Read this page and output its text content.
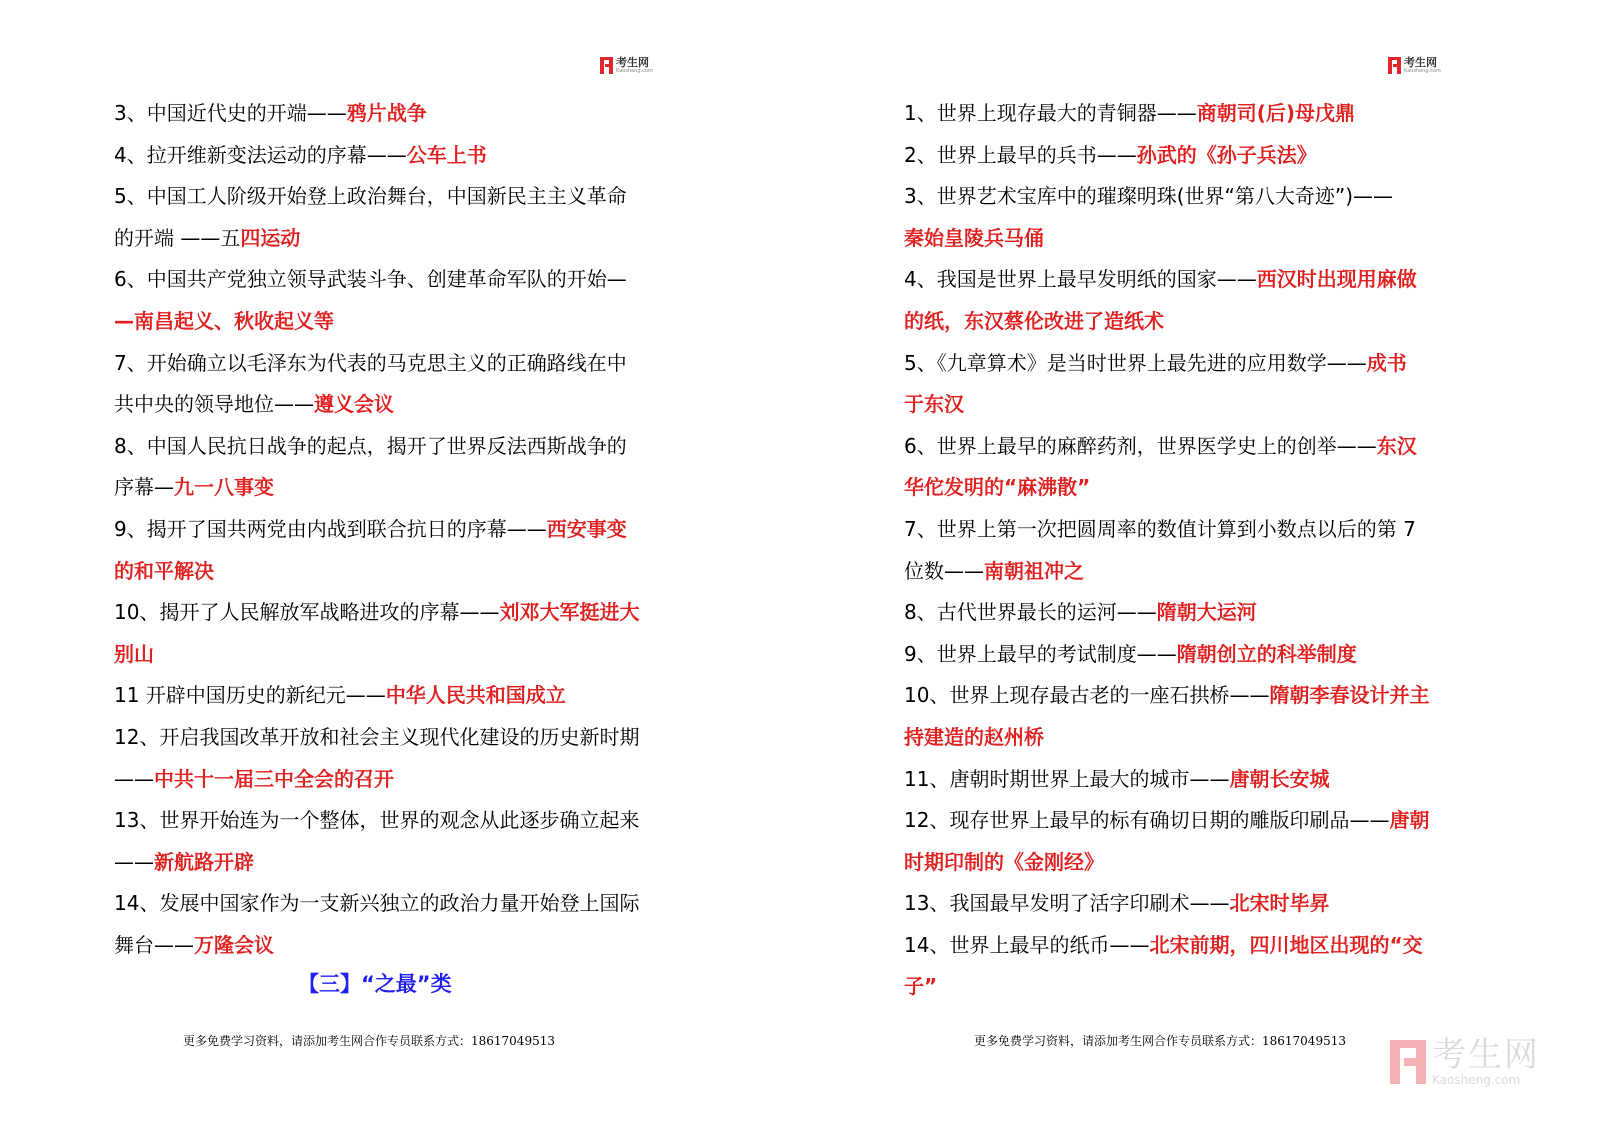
考生网
Kaosheng.com
3、中国近代史的开端——鸦片战争
4、拉开维新变法运动的序幕——公车上书
5、中国工人阶级开始登上政治舞台，中国新民主主义革命
的开端 ——五四运动
6、中国共产党独立领导武装斗争、创建革命军队的开始—
—南昌起义、秋收起义等
7、开始确立以毛泽东为代表的马克思主义的正确路线在中
共中央的领导地位——遵义会议
8、中国人民抗日战争的起点，揭开了世界反法西斯战争的
序幕—九一八事变
9、揭开了国共两党由内战到联合抗日的序幕——西安事变
的和平解决
10、揭开了人民解放军战略进攻的序幕——刘邓大军挺进大
别山
11 开辟中国历史的新纪元——中华人民共和国成立
12、开启我国改革开放和社会主义现代化建设的历史新时期
——中共十一届三中全会的召开
13、世界开始连为一个整体，世界的观念从此逐步确立起来
——新航路开辟
14、发展中国家作为一支新兴独立的政治力量开始登上国际
舞台——万隆会议
【三】“之最”类
更多免费学习资料，请添加考生网合作专员联系方式：18617049513
考生网
Kaosheng.com
1、世界上现存最大的青铜器——商朝司(后)母戊鼎
2、世界上最早的兵书——孙武的《孙子兵法》
3、世界艺术宝库中的璀璨明珠(世界“第八大奇迹”)——
秦始皇陵兵马俑
4、我国是世界上最早发明纸的国家——西汉时出现用麻做
的纸，东汉蔡伦改进了造纸术
5、《九章算术》是当时世界上最先进的应用数学——成书
于东汉
6、世界上最早的麻醉药剂，世界医学史上的创举——东汉
华佗发明的“麻沸散”
7、世界上第一次把圆周率的数值计算到小数点以后的第 7
位数——南朝祖冲之
8、古代世界最长的运河——隋朝大运河
9、世界上最早的考试制度——隋朝创立的科举制度
10、世界上现存最古老的一座石拱桥——隋朝李春设计并主
持建造的赵州桥
11、唐朝时期世界上最大的城市——唐朝长安城
12、现存世界上最早的标有确切日期的雕版印刷品——唐朝
时期印制的《金刚经》
13、我国最早发明了活字印刷术——北宋时毕昇
14、世界上最早的纸币——北宋前期，四川地区出现的“交
子”
更多免费学习资料，请添加考生网合作专员联系方式：18617049513	考生网
Kaosheng.com
